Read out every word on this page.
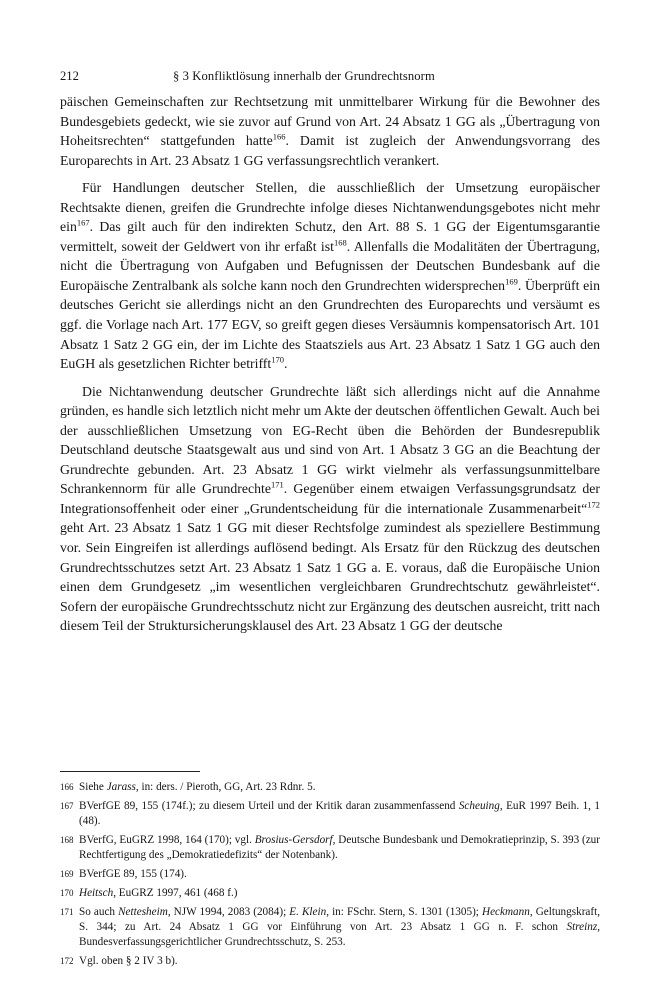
212	§ 3 Konfliktlösung innerhalb der Grundrechtsnorm

päischen Gemeinschaften zur Rechtsetzung mit unmittelbarer Wirkung für die Bewohner des Bundesgebiets gedeckt, wie sie zuvor auf Grund von Art. 24 Absatz 1 GG als „Übertragung von Hoheitsrechten“ stattgefunden hatte$^{166}$. Damit ist zugleich der Anwendungsvorrang des Europarechts in Art. 23 Absatz 1 GG verfassungsrechtlich verankert.

Für Handlungen deutscher Stellen, die ausschließlich der Umsetzung europäischer Rechtsakte dienen, greifen die Grundrechte infolge dieses Nichtanwendungsgebotes nicht mehr ein$^{167}$. Das gilt auch für den indirekten Schutz, den Art. 88 S. 1 GG der Eigentumsgarantie vermittelt, soweit der Geldwert von ihr erfaßt ist$^{168}$. Allenfalls die Modalitäten der Übertragung, nicht die Übertragung von Aufgaben und Befugnissen der Deutschen Bundesbank auf die Europäische Zentralbank als solche kann noch den Grundrechten widersprechen$^{169}$. Überprüft ein deutsches Gericht sie allerdings nicht an den Grundrechten des Europarechts und versäumt es ggf. die Vorlage nach Art. 177 EGV, so greift gegen dieses Versäumnis kompensatorisch Art. 101 Absatz 1 Satz 2 GG ein, der im Lichte des Staatsziels aus Art. 23 Absatz 1 Satz 1 GG auch den EuGH als gesetzlichen Richter betrifft$^{170}$.

Die Nichtanwendung deutscher Grundrechte läßt sich allerdings nicht auf die Annahme gründen, es handle sich letztlich nicht mehr um Akte der deutschen öffentlichen Gewalt. Auch bei der ausschließlichen Umsetzung von EG-Recht üben die Behörden der Bundesrepublik Deutschland deutsche Staatsgewalt aus und sind von Art. 1 Absatz 3 GG an die Beachtung der Grundrechte gebunden. Art. 23 Absatz 1 GG wirkt vielmehr als verfassungsunmittelbare Schrankennorm für alle Grundrechte$^{171}$. Gegenüber einem etwaigen Verfassungsgrundsatz der Integrationsoffenheit oder einer „Grundentscheidung für die internationale Zusammenarbeit“$^{172}$ geht Art. 23 Absatz 1 Satz 1 GG mit dieser Rechtsfolge zumindest als speziellere Bestimmung vor. Sein Eingreifen ist allerdings auflösend bedingt. Als Ersatz für den Rückzug des deutschen Grundrechtsschutzes setzt Art. 23 Absatz 1 Satz 1 GG a. E. voraus, daß die Europäische Union einen dem Grundgesetz „im wesentlichen vergleichbaren Grundrechtschutz gewährleistet“. Sofern der europäische Grundrechtsschutz nicht zur Ergänzung des deutschen ausreicht, tritt nach diesem Teil der Struktursicherungsklausel des Art. 23 Absatz 1 GG der deutsche

166 Siehe Jarass, in: ders. / Pieroth, GG, Art. 23 Rdnr. 5.

167 BVerfGE 89, 155 (174f.); zu diesem Urteil und der Kritik daran zusammenfassend Scheuing, EuR 1997 Beih. 1, 1 (48).

168 BVerfG, EuGRZ 1998, 164 (170); vgl. Brosius-Gersdorf, Deutsche Bundesbank und Demokratieprinzip, S. 393 (zur Rechtfertigung des „Demokratiedefizits“ der Notenbank).

169 BVerfGE 89, 155 (174).

170 Heitsch, EuGRZ 1997, 461 (468 f.)

171 So auch Nettesheim, NJW 1994, 2083 (2084); E. Klein, in: FSchr. Stern, S. 1301 (1305); Heckmann, Geltungskraft, S. 344; zu Art. 24 Absatz 1 GG vor Einführung von Art. 23 Absatz 1 GG n. F. schon Streinz, Bundesverfassungsgerichtlicher Grundrechtsschutz, S. 253.

172 Vgl. oben § 2 IV 3 b).
